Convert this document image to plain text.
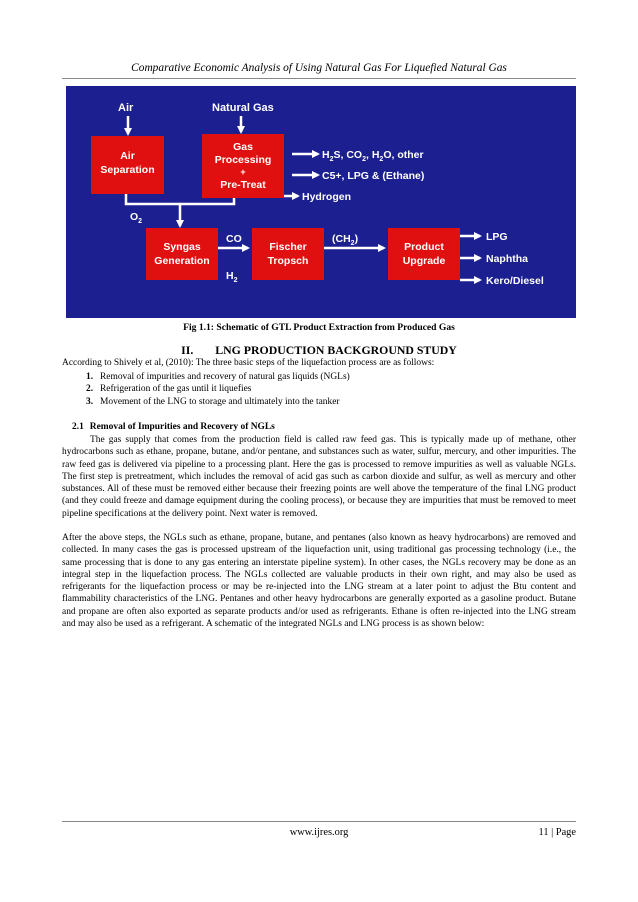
Comparative Economic Analysis of Using Natural Gas For Liquefied Natural Gas
Air	Natural Gas
Air
Separation
Gas
Processing
+
Pre-Treat
Syngas
Generation
Fischer
Tropsch
Product
Upgrade
$H_2S$, $CO_2$, $H_2O$, other
C5+, LPG & (Ethane)
Hydrogen
$O_2$
CO
$H_2$
$(CH_2)$	LPG
Naphtha
Kero/Diesel
Fig 1.1: Schematic of GTL Product Extraction from Produced Gas
II. LNG PRODUCTION BACKGROUND STUDY
According to Shively et al, (2010): The three basic steps of the liquefaction process are as follows:
1. Removal of impurities and recovery of natural gas liquids (NGLs)
2. Refrigeration of the gas until it liquefies
3. Movement of the LNG to storage and ultimately into the tanker
2.1 Removal of Impurities and Recovery of NGLs
The gas supply that comes from the production field is called raw feed gas. This is typically made up of methane, other hydrocarbons such as ethane, propane, butane, and/or pentane, and substances such as water, sulfur, mercury, and other impurities. The raw feed gas is delivered via pipeline to a processing plant. Here the gas is processed to remove impurities as well as valuable NGLs. The first step is pretreatment, which includes the removal of acid gas such as carbon dioxide and sulfur, as well as mercury and other substances. All of these must be removed either because their freezing points are well above the temperature of the final LNG product (and they could freeze and damage equipment during the cooling process), or because they are impurities that must be removed to meet pipeline specifications at the delivery point. Next water is removed.
After the above steps, the NGLs such as ethane, propane, butane, and pentanes (also known as heavy hydrocarbons) are removed and collected. In many cases the gas is processed upstream of the liquefaction unit, using traditional gas processing technology (i.e., the same processing that is done to any gas entering an interstate pipeline system). In other cases, the NGLs recovery may be done as an integral step in the liquefaction process. The NGLs collected are valuable products in their own right, and may also be used as refrigerants for the liquefaction process or may be re-injected into the LNG stream at a later point to adjust the Btu content and flammability characteristics of the LNG. Pentanes and other heavy hydrocarbons are generally exported as a gasoline product. Butane and propane are often also exported as separate products and/or used as refrigerants. Ethane is often re-injected into the LNG stream and may also be used as a refrigerant. A schematic of the integrated NGLs and LNG process is as shown below:
www.ijres.org	11 | Page
